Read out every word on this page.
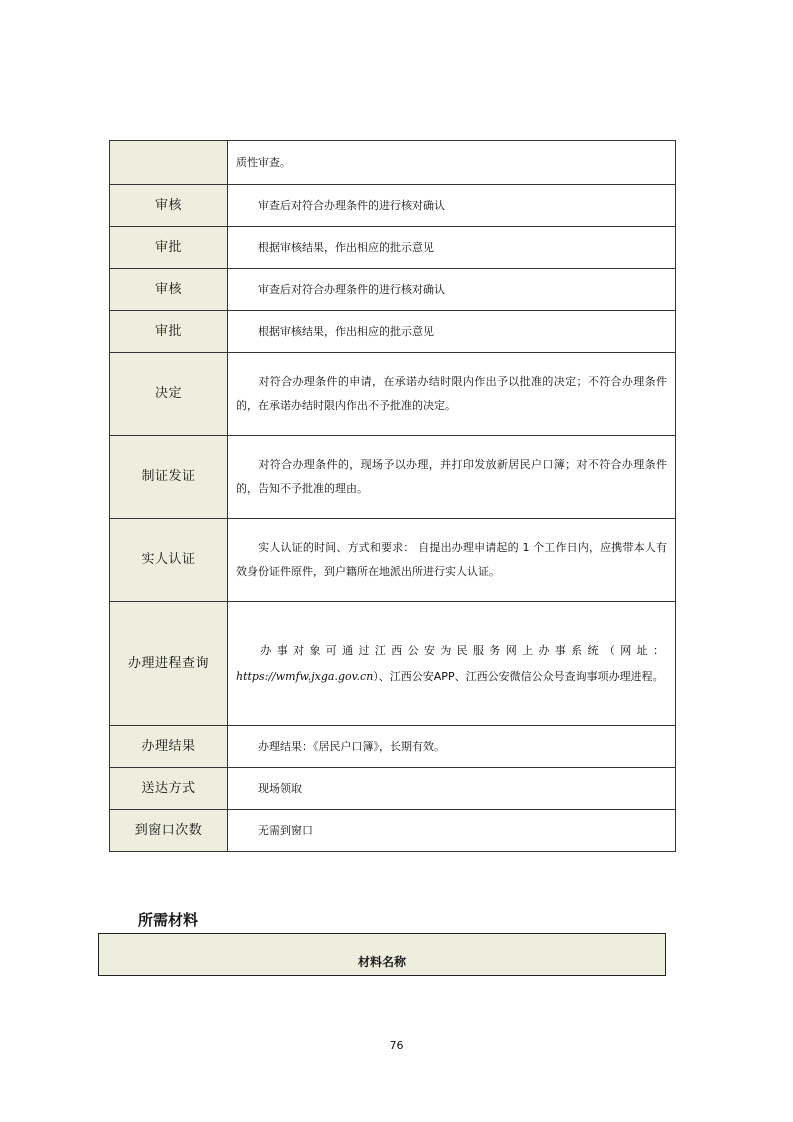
	质性审查。
审核	审查后对符合办理条件的进行核对确认
审批	根据审核结果，作出相应的批示意见
审核	审查后对符合办理条件的进行核对确认
审批	根据审核结果，作出相应的批示意见
决定	对符合办理条件的申请，在承诺办结时限内作出予以批准的决定；不符合办理条件的，在承诺办结时限内作出不予批准的决定。
制证发证	对符合办理条件的，现场予以办理，并打印发放新居民户口簿；对不符合办理条件的，告知不予批准的理由。
实人认证	实人认证的时间、方式和要求： 自提出办理申请起的 1 个工作日内，应携带本人有效身份证件原件，到户籍所在地派出所进行实人认证。
办理进程查询	办事对象可通过江西公安为民服务网上办事系统（网址：https://wmfw.jxga.gov.cn）、江西公安APP、江西公安微信公众号查询事项办理进程。
办理结果	办理结果：《居民户口簿》，长期有效。
送达方式	现场领取
到窗口次数	无需到窗口
所需材料
材料名称
76
